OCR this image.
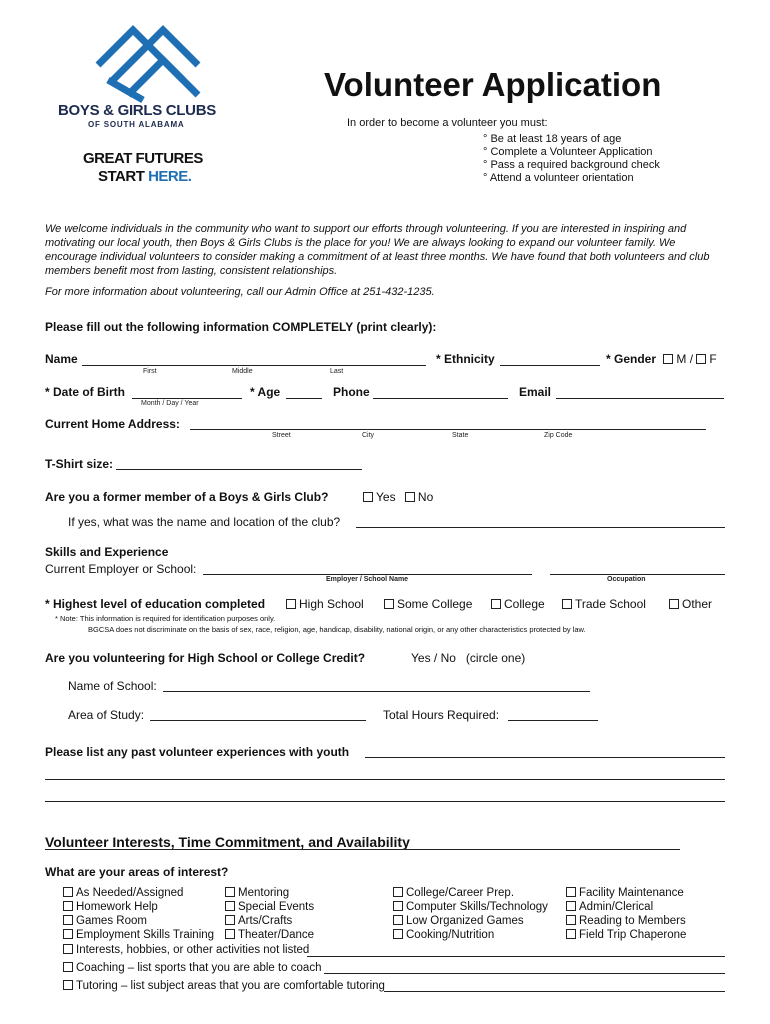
BOYS & GIRLS CLUBS
OF SOUTH ALABAMA
GREAT FUTURES
START HERE.
Volunteer Application
In order to become a volunteer you must:
° Be at least 18 years of age
° Complete a Volunteer Application
° Pass a required background check
° Attend a volunteer orientation
We welcome individuals in the community who want to support our efforts through volunteering. If you are interested in inspiring and motivating our local youth, then Boys & Girls Clubs is the place for you! We are always looking to expand our volunteer family. We encourage individual volunteers to consider making a commitment of at least three months. We have found that both volunteers and club members benefit most from lasting, consistent relationships.
For more information about volunteering, call our Admin Office at 251-432-1235.
Please fill out the following information COMPLETELY (print clearly):
Name
First	Middle	Last
* Ethnicity	* Gender M / F
* Date of Birth
Month / Day / Year
* Age	Phone	Email
Current Home Address:
Street	City	State	Zip Code
T-Shirt size:
Are you a former member of a Boys & Girls Club?	Yes No
If yes, what was the name and location of the club?
Skills and Experience
Current Employer or School:
Employer / School Name	Occupation
* Highest level of education completed	High School	Some College	College	Trade School	Other
* Note: This information is required for identification purposes only.
BGCSA does not discriminate on the basis of sex, race, religion, age, handicap, disability, national origin, or any other characteristics protected by law.
Are you volunteering for High School or College Credit?	Yes / No   (circle one)
Name of School:
Area of Study:	Total Hours Required:
Please list any past volunteer experiences with youth
Volunteer Interests, Time Commitment, and Availability
What are your areas of interest?
As Needed/Assigned
Homework Help
Games Room
Employment Skills Training
Mentoring
Special Events
Arts/Crafts
Theater/Dance
College/Career Prep.
Computer Skills/Technology
Low Organized Games
Cooking/Nutrition
Facility Maintenance
Admin/Clerical
Reading to Members
Field Trip Chaperone
Interests, hobbies, or other activities not listed
Coaching – list sports that you are able to coach
Tutoring – list subject areas that you are comfortable tutoring
